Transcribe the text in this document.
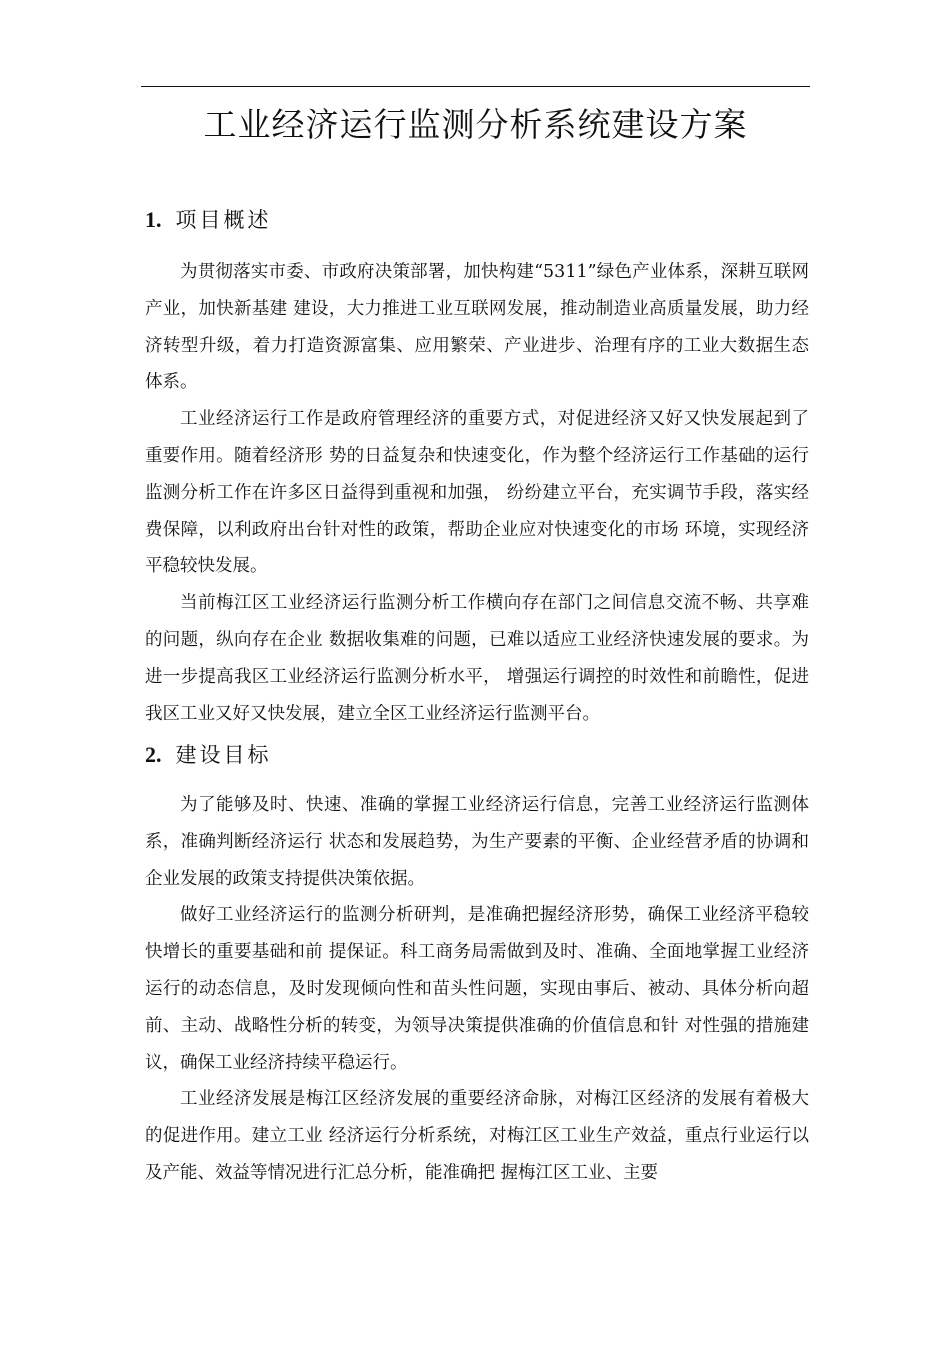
工业经济运行监测分析系统建设方案
1. 项目概述

为贯彻落实市委、市政府决策部署，加快构建“5311”绿色产业体系，深耕互联网产业，加快新基建 建设，大力推进工业互联网发展，推动制造业高质量发展，助力经济转型升级，着力打造资源富集、应用繁荣、产业进步、治理有序的工业大数据生态体系。

工业经济运行工作是政府管理经济的重要方式，对促进经济又好又快发展起到了重要作用。随着经济形 势的日益复杂和快速变化，作为整个经济运行工作基础的运行监测分析工作在许多区日益得到重视和加强， 纷纷建立平台，充实调节手段，落实经费保障，以利政府出台针对性的政策，帮助企业应对快速变化的市场 环境，实现经济平稳较快发展。

当前梅江区工业经济运行监测分析工作横向存在部门之间信息交流不畅、共享难的问题，纵向存在企业 数据收集难的问题，已难以适应工业经济快速发展的要求。为进一步提高我区工业经济运行监测分析水平， 增强运行调控的时效性和前瞻性，促进我区工业又好又快发展，建立全区工业经济运行监测平台。

2. 建设目标

为了能够及时、快速、准确的掌握工业经济运行信息，完善工业经济运行监测体系，准确判断经济运行 状态和发展趋势，为生产要素的平衡、企业经营矛盾的协调和企业发展的政策支持提供决策依据。

做好工业经济运行的监测分析研判，是准确把握经济形势，确保工业经济平稳较快增长的重要基础和前 提保证。科工商务局需做到及时、准确、全面地掌握工业经济运行的动态信息，及时发现倾向性和苗头性问题，实现由事后、被动、具体分析向超前、主动、战略性分析的转变，为领导决策提供准确的价值信息和针 对性强的措施建议，确保工业经济持续平稳运行。

工业经济发展是梅江区经济发展的重要经济命脉，对梅江区经济的发展有着极大的促进作用。建立工业 经济运行分析系统，对梅江区工业生产效益，重点行业运行以及产能、效益等情况进行汇总分析，能准确把 握梅江区工业、主要
